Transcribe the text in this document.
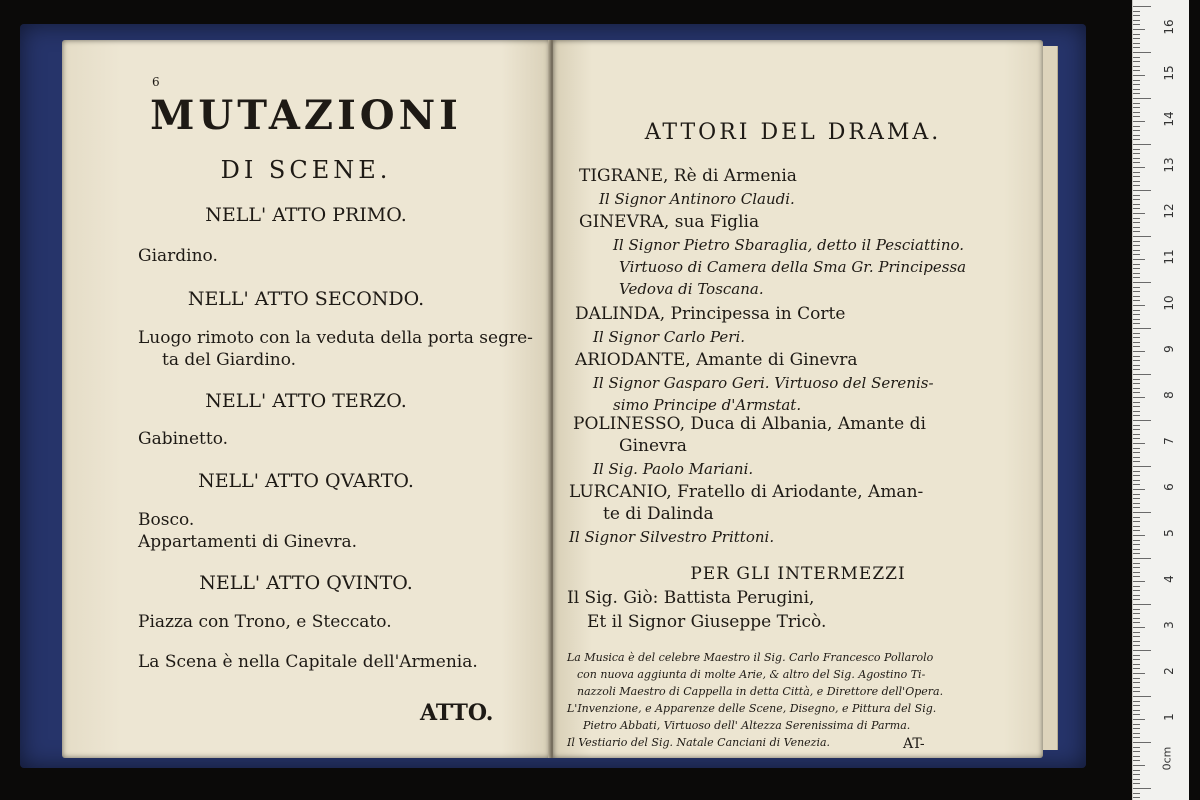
6
MUTAZIONI
DI SCENE.
NELL' ATTO PRIMO.
Giardino.
NELL' ATTO SECONDO.
Luogo rimoto con la veduta della porta segre-
ta del Giardino.
NELL' ATTO TERZO.
Gabinetto.
NELL' ATTO QVARTO.
Bosco.
Appartamenti di Ginevra.
NELL' ATTO QVINTO.
Piazza con Trono, e Steccato.
La Scena è nella Capitale dell'Armenia.
ATTO.
ATTORI DEL DRAMA.
TIGRANE, Rè di Armenia
Il Signor Antinoro Claudi.
GINEVRA, sua Figlia
Il Signor Pietro Sbaraglia, detto il Pesciattino.
Virtuoso di Camera della Sma Gr. Principessa
Vedova di Toscana.
DALINDA, Principessa in Corte
Il Signor Carlo Peri.
ARIODANTE, Amante di Ginevra
Il Signor Gasparo Geri. Virtuoso del Serenis-
simo Principe d'Armstat.
POLINESSO, Duca di Albania, Amante di
Ginevra
Il Sig. Paolo Mariani.
LURCANIO, Fratello di Ariodante, Aman-
te di Dalinda
Il Signor Silvestro Prittoni.
PER GLI INTERMEZZI
Il Sig. Giò: Battista Perugini,
Et il Signor Giuseppe Tricò.
La Musica è del celebre Maestro il Sig. Carlo Francesco Pollarolo
con nuova aggiunta di molte Arie, & altro del Sig. Agostino Ti-
nazzoli Maestro di Cappella in detta Città, e Direttore dell'Opera.
L'Invenzione, e Apparenze delle Scene, Disegno, e Pittura del Sig.
Pietro Abbati, Virtuoso dell' Altezza Serenissima di Parma.
Il Vestiario del Sig. Natale Canciani di Venezia.	AT-
16
15
14
13
12
11
10
9
8
7
6
5
4
3
2
1
0cm
